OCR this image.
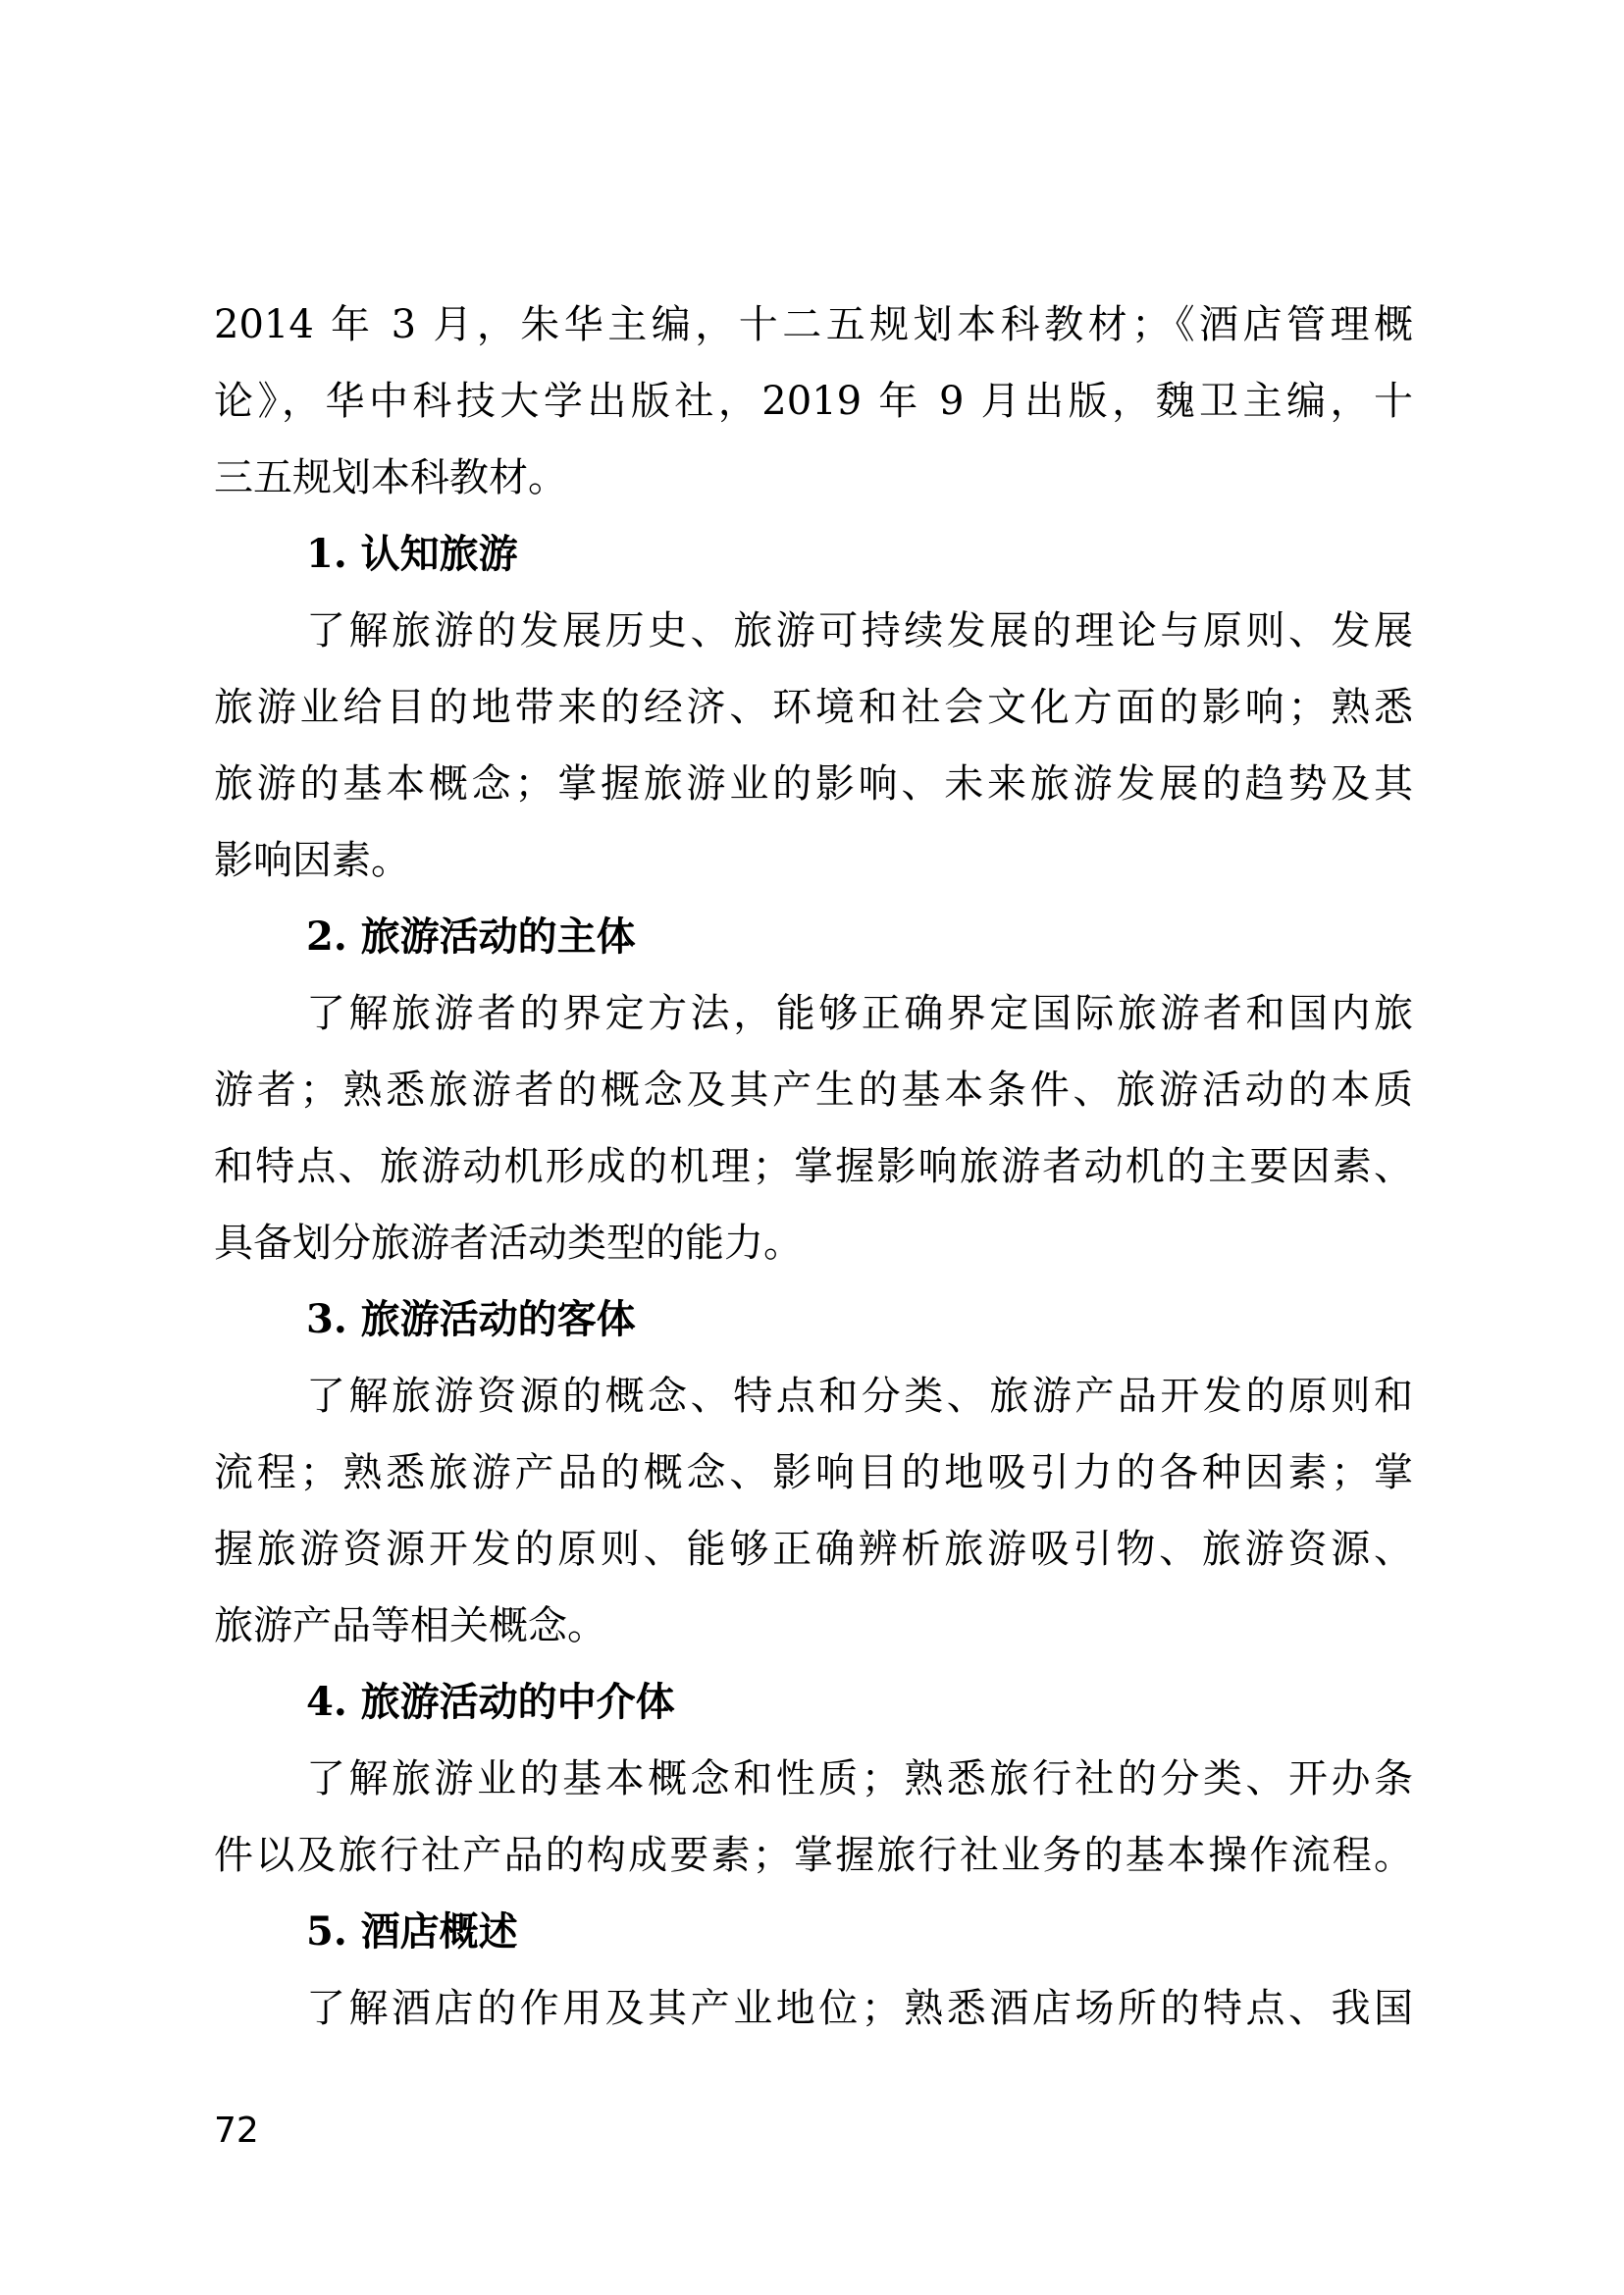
2014 年 3 月，朱华主编，十二五规划本科教材；《酒店管理概
论》，华中科技大学出版社，2019 年 9 月出版，魏卫主编，十
三五规划本科教材。
1. 认知旅游
了解旅游的发展历史、旅游可持续发展的理论与原则、发展
旅游业给目的地带来的经济、环境和社会文化方面的影响；熟悉
旅游的基本概念；掌握旅游业的影响、未来旅游发展的趋势及其
影响因素。
2. 旅游活动的主体
了解旅游者的界定方法，能够正确界定国际旅游者和国内旅
游者；熟悉旅游者的概念及其产生的基本条件、旅游活动的本质
和特点、旅游动机形成的机理；掌握影响旅游者动机的主要因素、
具备划分旅游者活动类型的能力。
3. 旅游活动的客体
了解旅游资源的概念、特点和分类、旅游产品开发的原则和
流程；熟悉旅游产品的概念、影响目的地吸引力的各种因素；掌
握旅游资源开发的原则、能够正确辨析旅游吸引物、旅游资源、
旅游产品等相关概念。
4. 旅游活动的中介体
了解旅游业的基本概念和性质；熟悉旅行社的分类、开办条
件以及旅行社产品的构成要素；掌握旅行社业务的基本操作流程。
5. 酒店概述
了解酒店的作用及其产业地位；熟悉酒店场所的特点、我国
72
